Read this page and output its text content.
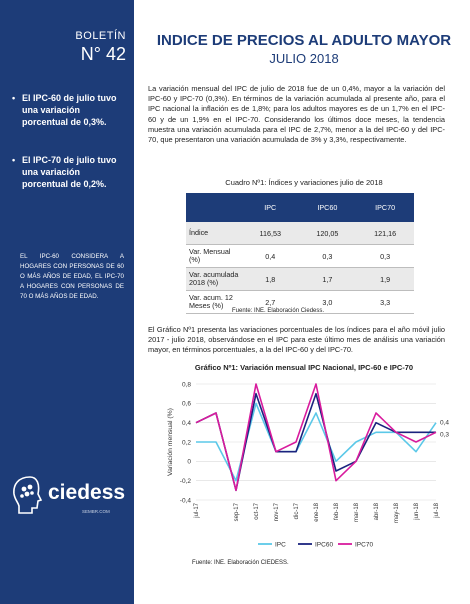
BOLETÍN
N° 42
• El IPC-60 de julio tuvo una variación porcentual de 0,3%.
• El IPC-70 de julio tuvo una variación porcentual de 0,2%.
EL IPC-60 CONSIDERA A HOGARES CON PERSONAS DE 60 O MÁS AÑOS DE EDAD, EL IPC-70 A HOGARES CON PERSONAS DE 70 O MÁS AÑOS DE EDAD.
ciedess
SEMBR.COM
INDICE DE PRECIOS AL ADULTO MAYOR
JULIO 2018

La variación mensual del IPC de julio de 2018 fue de un 0,4%, mayor a la variación del IPC-60 y IPC-70 (0,3%). En términos de la variación acumulada al presente año, para el IPC nacional la inflación es de 1,8%; para los adultos mayores es de un 1,7% en el IPC-60 y de un 1,9% en el IPC-70. Considerando los últimos doce meses, la tendencia muestra una variación acumulada para el IPC de 2,7%, menor a la del IPC-60 y del IPC-70, que presentaron una variación acumulada de 3% y 3,3%, respectivamente.

Cuadro Nº1: Índices y variaciones julio de 2018
	IPC	IPC60	IPC70
Índice	116,53	120,05	121,16
Var. Mensual (%)	0,4	0,3	0,3
Var. acumulada 2018 (%)	1,8	1,7	1,9
Var. acum. 12 Meses (%)	2,7	3,0	3,3
Fuente: INE. Elaboración Ciedess.

El Gráfico Nº1 presenta las variaciones porcentuales de los índices para el año móvil julio 2017 - julio 2018, observándose en el IPC para este último mes de análisis una variación mayor, en términos porcentuales, a la del IPC-60 y del IPC-70.

Gráfico Nº1: Variación mensual IPC Nacional, IPC-60 e IPC-70
-0,4
-0,2
0
0,2
0,4
0,6
0,8
Variación mensual (%)
jul-17	sep-17 oct-17 nov-17 dic-17 ene-18 feb-18 mar-18 abr-18 may-18 jun-18 jul-18
0,4
0,3
IPC	IPC60	IPC70
Fuente: INE. Elaboración CIEDESS.
